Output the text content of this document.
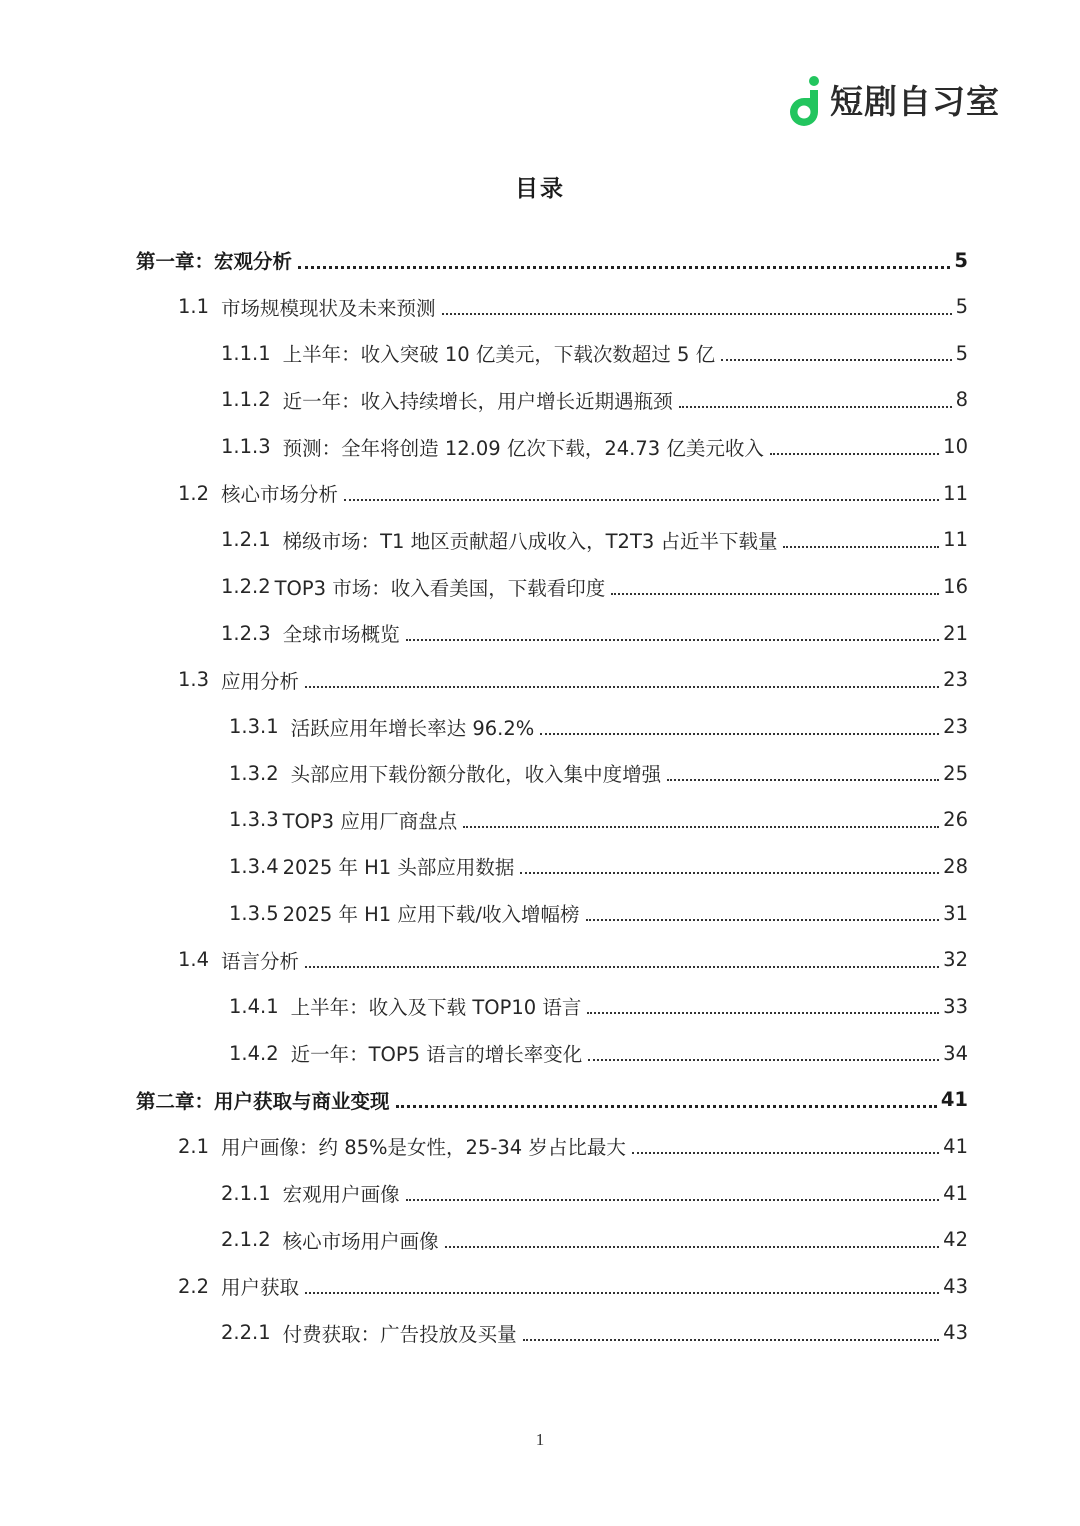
短剧自习室
目录
第一章： 宏观分析	5
1.1 市场规模现状及未来预测	5
1.1.1 上半年：收入突破 10 亿美元，下载次数超过 5 亿	5
1.1.2 近一年：收入持续增长，用户增长近期遇瓶颈	8
1.1.3 预测：全年将创造 12.09 亿次下载，24.73 亿美元收入	10
1.2 核心市场分析	11
1.2.1 梯级市场：T1 地区贡献超八成收入，T2T3 占近半下载量	11
1.2.2 TOP3 市场：收入看美国，下载看印度	16
1.2.3 全球市场概览	21
1.3 应用分析	23
1.3.1 活跃应用年增长率达 96.2%	23
1.3.2 头部应用下载份额分散化，收入集中度增强	25
1.3.3 TOP3 应用厂商盘点	26
1.3.4 2025 年 H1 头部应用数据	28
1.3.5 2025 年 H1 应用下载/收入增幅榜	31
1.4 语言分析	32
1.4.1 上半年：收入及下载 TOP10 语言	33
1.4.2 近一年：TOP5 语言的增长率变化	34
第二章： 用户获取与商业变现	41
2.1 用户画像：约 85%是女性，25-34 岁占比最大	41
2.1.1 宏观用户画像	41
2.1.2 核心市场用户画像	42
2.2 用户获取	43
2.2.1 付费获取：广告投放及买量	43
1
